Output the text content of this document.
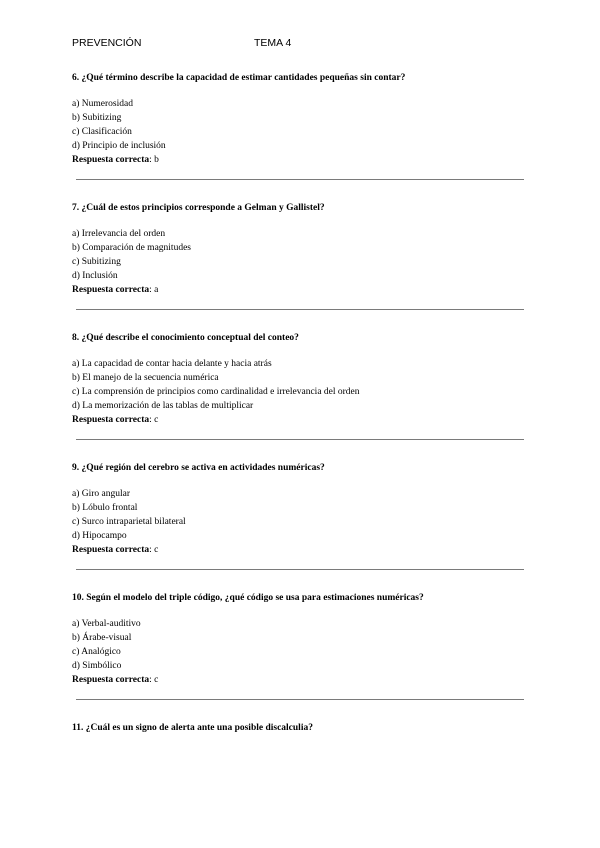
PREVENCIÓN	TEMA 4

6. ¿Qué término describe la capacidad de estimar cantidades pequeñas sin contar?

a) Numerosidad

b) Subitizing

c) Clasificación

d) Principio de inclusión

Respuesta correcta: b

7. ¿Cuál de estos principios corresponde a Gelman y Gallistel?

a) Irrelevancia del orden

b) Comparación de magnitudes

c) Subitizing

d) Inclusión

Respuesta correcta: a

8. ¿Qué describe el conocimiento conceptual del conteo?

a) La capacidad de contar hacia delante y hacia atrás

b) El manejo de la secuencia numérica

c) La comprensión de principios como cardinalidad e irrelevancia del orden

d) La memorización de las tablas de multiplicar

Respuesta correcta: c

9. ¿Qué región del cerebro se activa en actividades numéricas?

a) Giro angular

b) Lóbulo frontal

c) Surco intraparietal bilateral

d) Hipocampo

Respuesta correcta: c

10. Según el modelo del triple código, ¿qué código se usa para estimaciones numéricas?

a) Verbal-auditivo

b) Árabe-visual

c) Analógico

d) Simbólico

Respuesta correcta: c

11. ¿Cuál es un signo de alerta ante una posible discalculia?
